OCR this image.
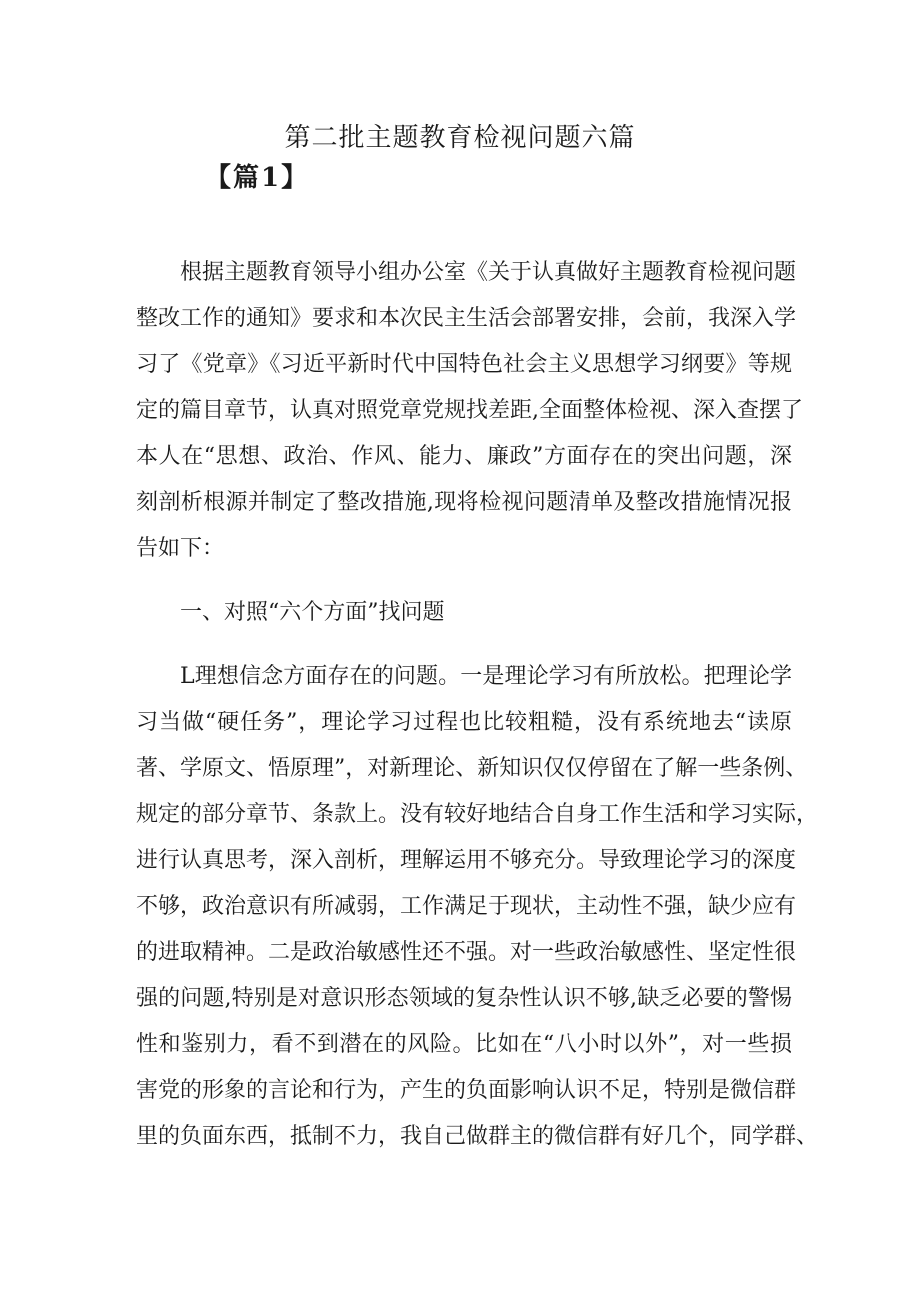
第二批主题教育检视问题六篇
【篇1】
根据主题教育领导小组办公室《关于认真做好主题教育检视问题
整改工作的通知》要求和本次民主生活会部署安排，会前，我深入学
习了《党章》《习近平新时代中国特色社会主义思想学习纲要》等规
定的篇目章节，认真对照党章党规找差距,全面整体检视、深入查摆了
本人在“思想、政治、作风、能力、廉政”方面存在的突出问题，深
刻剖析根源并制定了整改措施,现将检视问题清单及整改措施情况报
告如下：
一、对照“六个方面”找问题
L理想信念方面存在的问题。一是理论学习有所放松。把理论学
习当做“硬任务”，理论学习过程也比较粗糙，没有系统地去“读原
著、学原文、悟原理”，对新理论、新知识仅仅停留在了解一些条例、
规定的部分章节、条款上。没有较好地结合自身工作生活和学习实际，
进行认真思考，深入剖析，理解运用不够充分。导致理论学习的深度
不够，政治意识有所减弱，工作满足于现状，主动性不强，缺少应有
的进取精神。二是政治敏感性还不强。对一些政治敏感性、坚定性很
强的问题,特别是对意识形态领域的复杂性认识不够,缺乏必要的警惕
性和鉴别力，看不到潜在的风险。比如在“八小时以外”，对一些损
害党的形象的言论和行为，产生的负面影响认识不足，特别是微信群
里的负面东西，抵制不力，我自己做群主的微信群有好几个，同学群、
